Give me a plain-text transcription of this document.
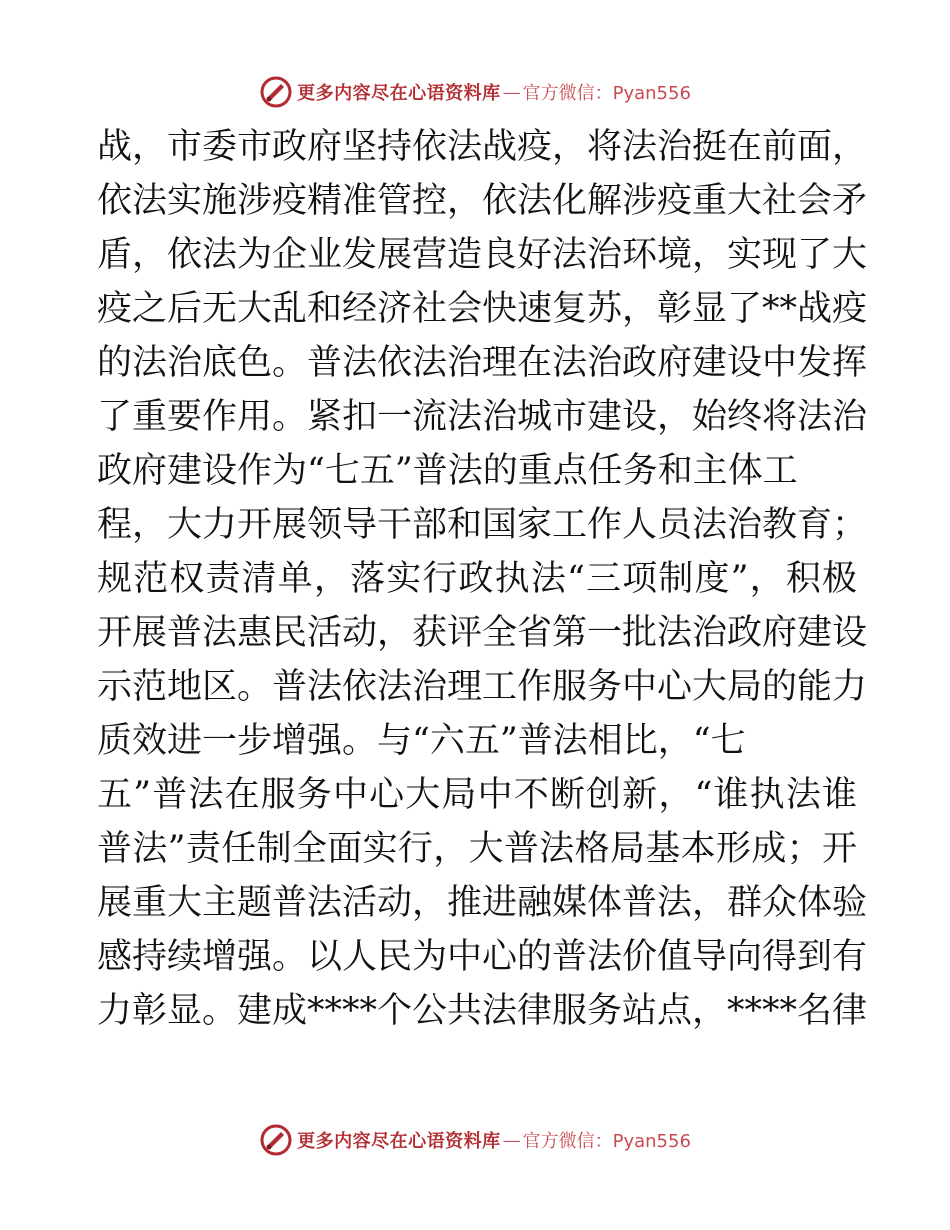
更多内容尽在心语资料库 — 官方微信：Pyan556
战，市委市政府坚持依法战疫，将法治挺在前面，
依法实施涉疫精准管控，依法化解涉疫重大社会矛
盾，依法为企业发展营造良好法治环境，实现了大
疫之后无大乱和经济社会快速复苏，彰显了**战疫
的法治底色。普法依法治理在法治政府建设中发挥
了重要作用。紧扣一流法治城市建设，始终将法治
政府建设作为“七五”普法的重点任务和主体工
程，大力开展领导干部和国家工作人员法治教育；
规范权责清单，落实行政执法“三项制度”，积极
开展普法惠民活动，获评全省第一批法治政府建设
示范地区。普法依法治理工作服务中心大局的能力
质效进一步增强。与“六五”普法相比，“七
五”普法在服务中心大局中不断创新，“谁执法谁
普法”责任制全面实行，大普法格局基本形成；开
展重大主题普法活动，推进融媒体普法，群众体验
感持续增强。以人民为中心的普法价值导向得到有
力彰显。建成****个公共法律服务站点，****名律
更多内容尽在心语资料库 — 官方微信：Pyan556
